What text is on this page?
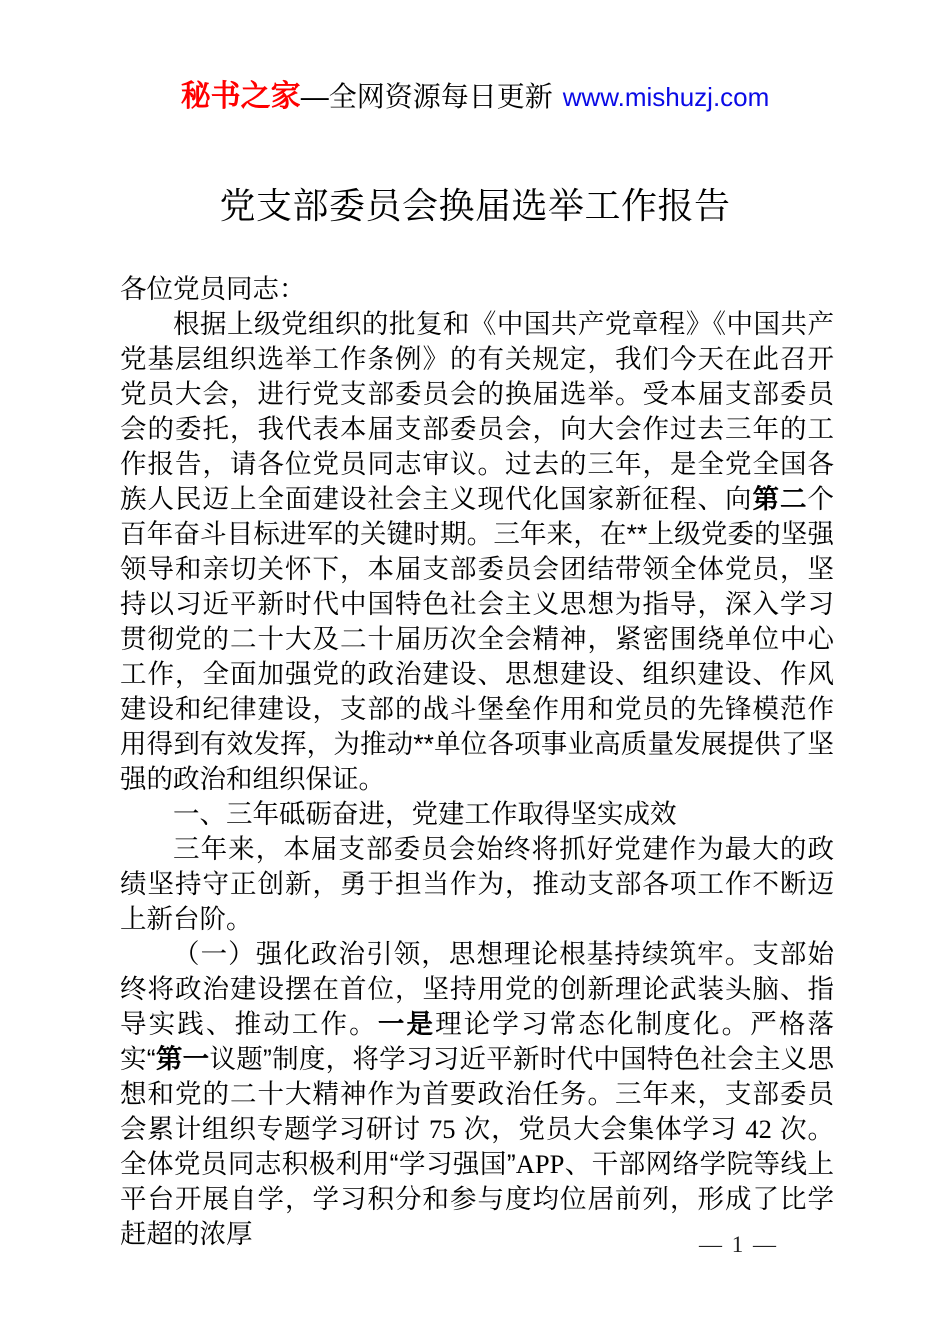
秘书之家—全网资源每日更新 www.mishuzj.com
党支部委员会换届选举工作报告

各位党员同志：

根据上级党组织的批复和《中国共产党章程》《中国共产党基层组织选举工作条例》的有关规定，我们今天在此召开党员大会，进行党支部委员会的换届选举。受本届支部委员会的委托，我代表本届支部委员会，向大会作过去三年的工作报告，请各位党员同志审议。过去的三年，是全党全国各族人民迈上全面建设社会主义现代化国家新征程、向第二个百年奋斗目标进军的关键时期。三年来，在**上级党委的坚强领导和亲切关怀下，本届支部委员会团结带领全体党员，坚持以习近平新时代中国特色社会主义思想为指导，深入学习贯彻党的二十大及二十届历次全会精神，紧密围绕单位中心工作，全面加强党的政治建设、思想建设、组织建设、作风建设和纪律建设，支部的战斗堡垒作用和党员的先锋模范作用得到有效发挥，为推动**单位各项事业高质量发展提供了坚强的政治和组织保证。

一、三年砥砺奋进，党建工作取得坚实成效

三年来，本届支部委员会始终将抓好党建作为最大的政绩坚持守正创新，勇于担当作为，推动支部各项工作不断迈上新台阶。

（一）强化政治引领，思想理论根基持续筑牢。支部始终将政治建设摆在首位，坚持用党的创新理论武装头脑、指导实践、推动工作。一是理论学习常态化制度化。严格落实“第一议题”制度，将学习习近平新时代中国特色社会主义思想和党的二十大精神作为首要政治任务。三年来，支部委员会累计组织专题学习研讨 75 次，党员大会集体学习 42 次。全体党员同志积极利用“学习强国”APP、干部网络学院等线上平台开展自学，学习积分和参与度均位居前列，形成了比学赶超的浓厚	— 1 —
